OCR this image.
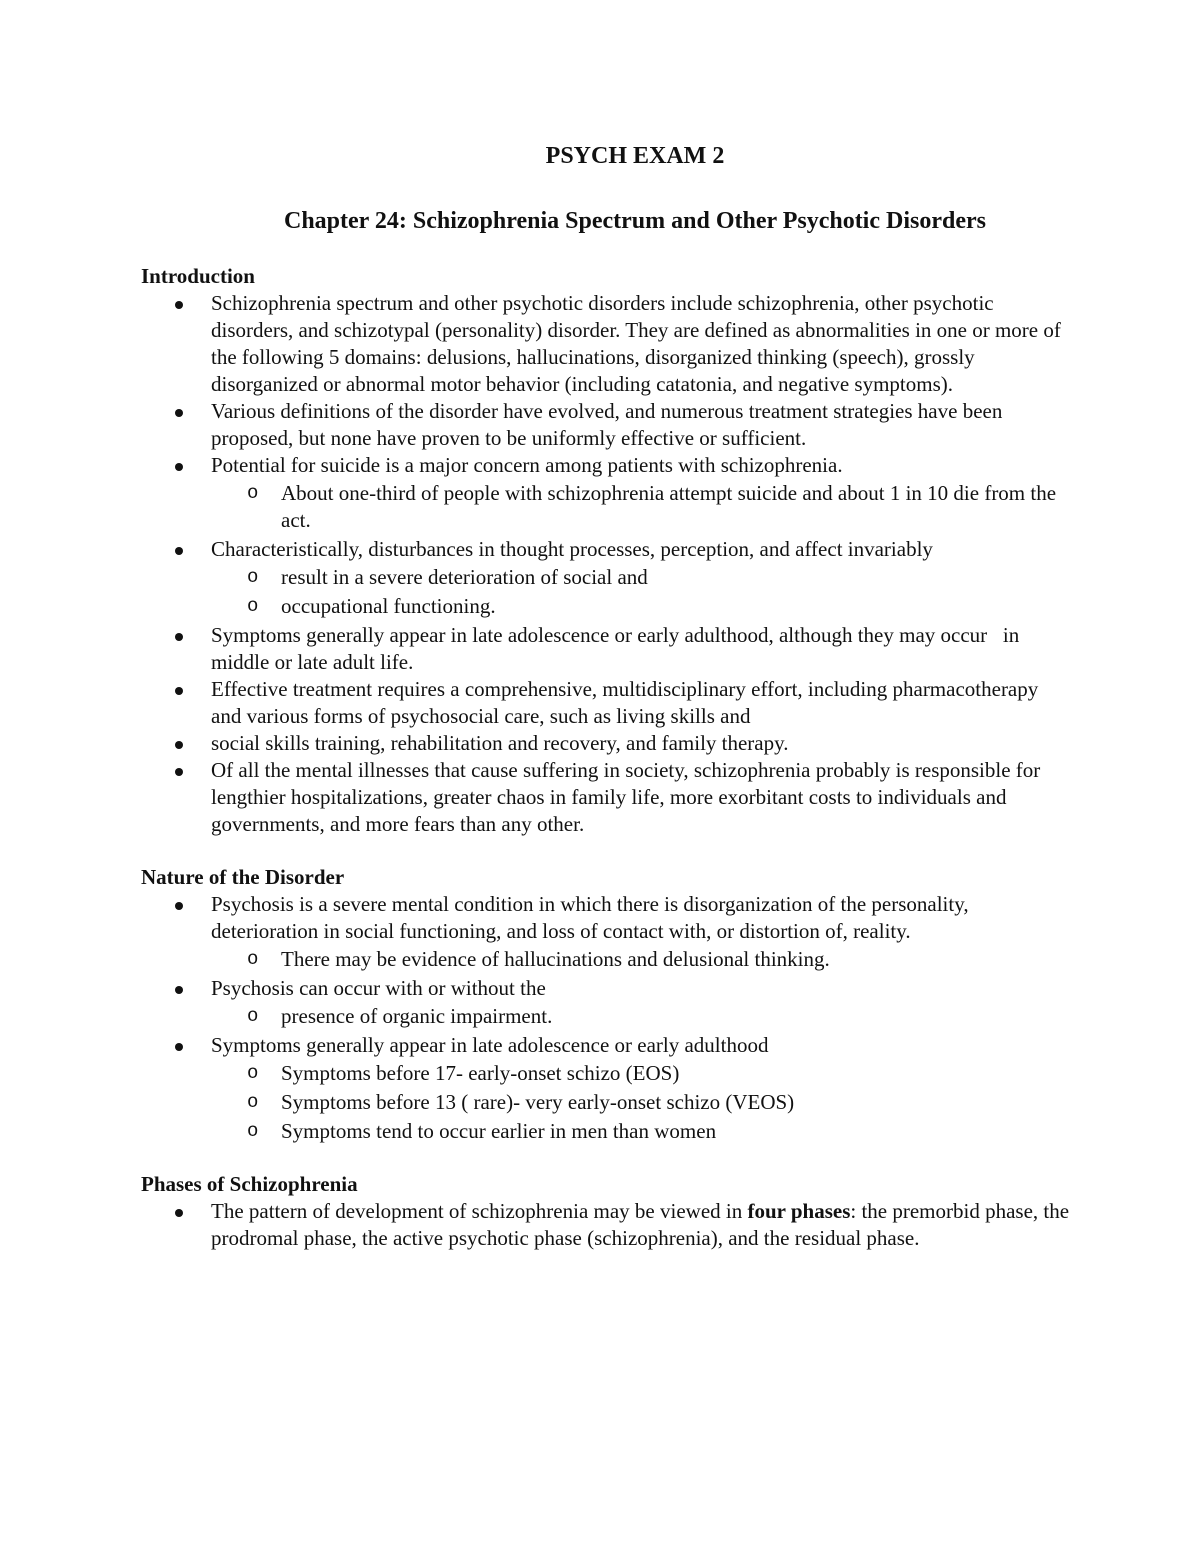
PSYCH EXAM 2
Chapter 24: Schizophrenia Spectrum and Other Psychotic Disorders
Introduction
Schizophrenia spectrum and other psychotic disorders include schizophrenia, other psychotic disorders, and schizotypal (personality) disorder. They are defined as abnormalities in one or more of the following 5 domains: delusions, hallucinations, disorganized thinking (speech), grossly disorganized or abnormal motor behavior (including catatonia, and negative symptoms).
Various definitions of the disorder have evolved, and numerous treatment strategies have been proposed, but none have proven to be uniformly effective or sufficient.
Potential for suicide is a major concern among patients with schizophrenia.
o About one-third of people with schizophrenia attempt suicide and about 1 in 10 die from the act.
Characteristically, disturbances in thought processes, perception, and affect invariably
o result in a severe deterioration of social and
o occupational functioning.
Symptoms generally appear in late adolescence or early adulthood, although they may occur   in middle or late adult life.
Effective treatment requires a comprehensive, multidisciplinary effort, including pharmacotherapy and various forms of psychosocial care, such as living skills and
social skills training, rehabilitation and recovery, and family therapy.
Of all the mental illnesses that cause suffering in society, schizophrenia probably is responsible for lengthier hospitalizations, greater chaos in family life, more exorbitant costs to individuals and governments, and more fears than any other.
Nature of the Disorder
Psychosis is a severe mental condition in which there is disorganization of the personality, deterioration in social functioning, and loss of contact with, or distortion of, reality.
o There may be evidence of hallucinations and delusional thinking.
Psychosis can occur with or without the
o presence of organic impairment.
Symptoms generally appear in late adolescence or early adulthood
o Symptoms before 17- early-onset schizo (EOS)
o Symptoms before 13 ( rare)- very early-onset schizo (VEOS)
o Symptoms tend to occur earlier in men than women
Phases of Schizophrenia
The pattern of development of schizophrenia may be viewed in four phases: the premorbid phase, the prodromal phase, the active psychotic phase (schizophrenia), and the residual phase.
